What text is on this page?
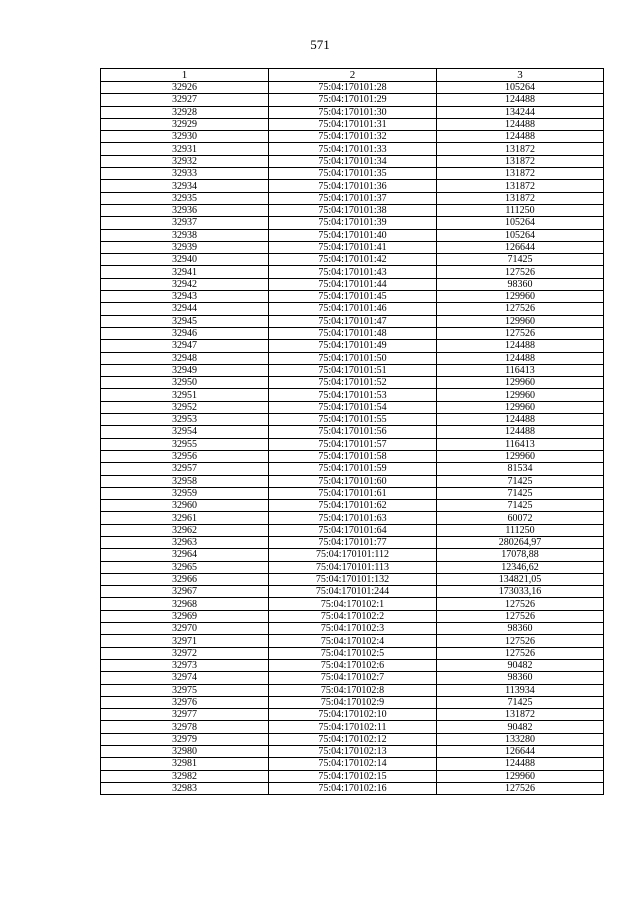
571
1	2	3
32926	75:04:170101:28	105264
32927	75:04:170101:29	124488
32928	75:04:170101:30	134244
32929	75:04:170101:31	124488
32930	75:04:170101:32	124488
32931	75:04:170101:33	131872
32932	75:04:170101:34	131872
32933	75:04:170101:35	131872
32934	75:04:170101:36	131872
32935	75:04:170101:37	131872
32936	75:04:170101:38	111250
32937	75:04:170101:39	105264
32938	75:04:170101:40	105264
32939	75:04:170101:41	126644
32940	75:04:170101:42	71425
32941	75:04:170101:43	127526
32942	75:04:170101:44	98360
32943	75:04:170101:45	129960
32944	75:04:170101:46	127526
32945	75:04:170101:47	129960
32946	75:04:170101:48	127526
32947	75:04:170101:49	124488
32948	75:04:170101:50	124488
32949	75:04:170101:51	116413
32950	75:04:170101:52	129960
32951	75:04:170101:53	129960
32952	75:04:170101:54	129960
32953	75:04:170101:55	124488
32954	75:04:170101:56	124488
32955	75:04:170101:57	116413
32956	75:04:170101:58	129960
32957	75:04:170101:59	81534
32958	75:04:170101:60	71425
32959	75:04:170101:61	71425
32960	75:04:170101:62	71425
32961	75:04:170101:63	60072
32962	75:04:170101:64	111250
32963	75:04:170101:77	280264,97
32964	75:04:170101:112	17078,88
32965	75:04:170101:113	12346,62
32966	75:04:170101:132	134821,05
32967	75:04:170101:244	173033,16
32968	75:04:170102:1	127526
32969	75:04:170102:2	127526
32970	75:04:170102:3	98360
32971	75:04:170102:4	127526
32972	75:04:170102:5	127526
32973	75:04:170102:6	90482
32974	75:04:170102:7	98360
32975	75:04:170102:8	113934
32976	75:04:170102:9	71425
32977	75:04:170102:10	131872
32978	75:04:170102:11	90482
32979	75:04:170102:12	133280
32980	75:04:170102:13	126644
32981	75:04:170102:14	124488
32982	75:04:170102:15	129960
32983	75:04:170102:16	127526
